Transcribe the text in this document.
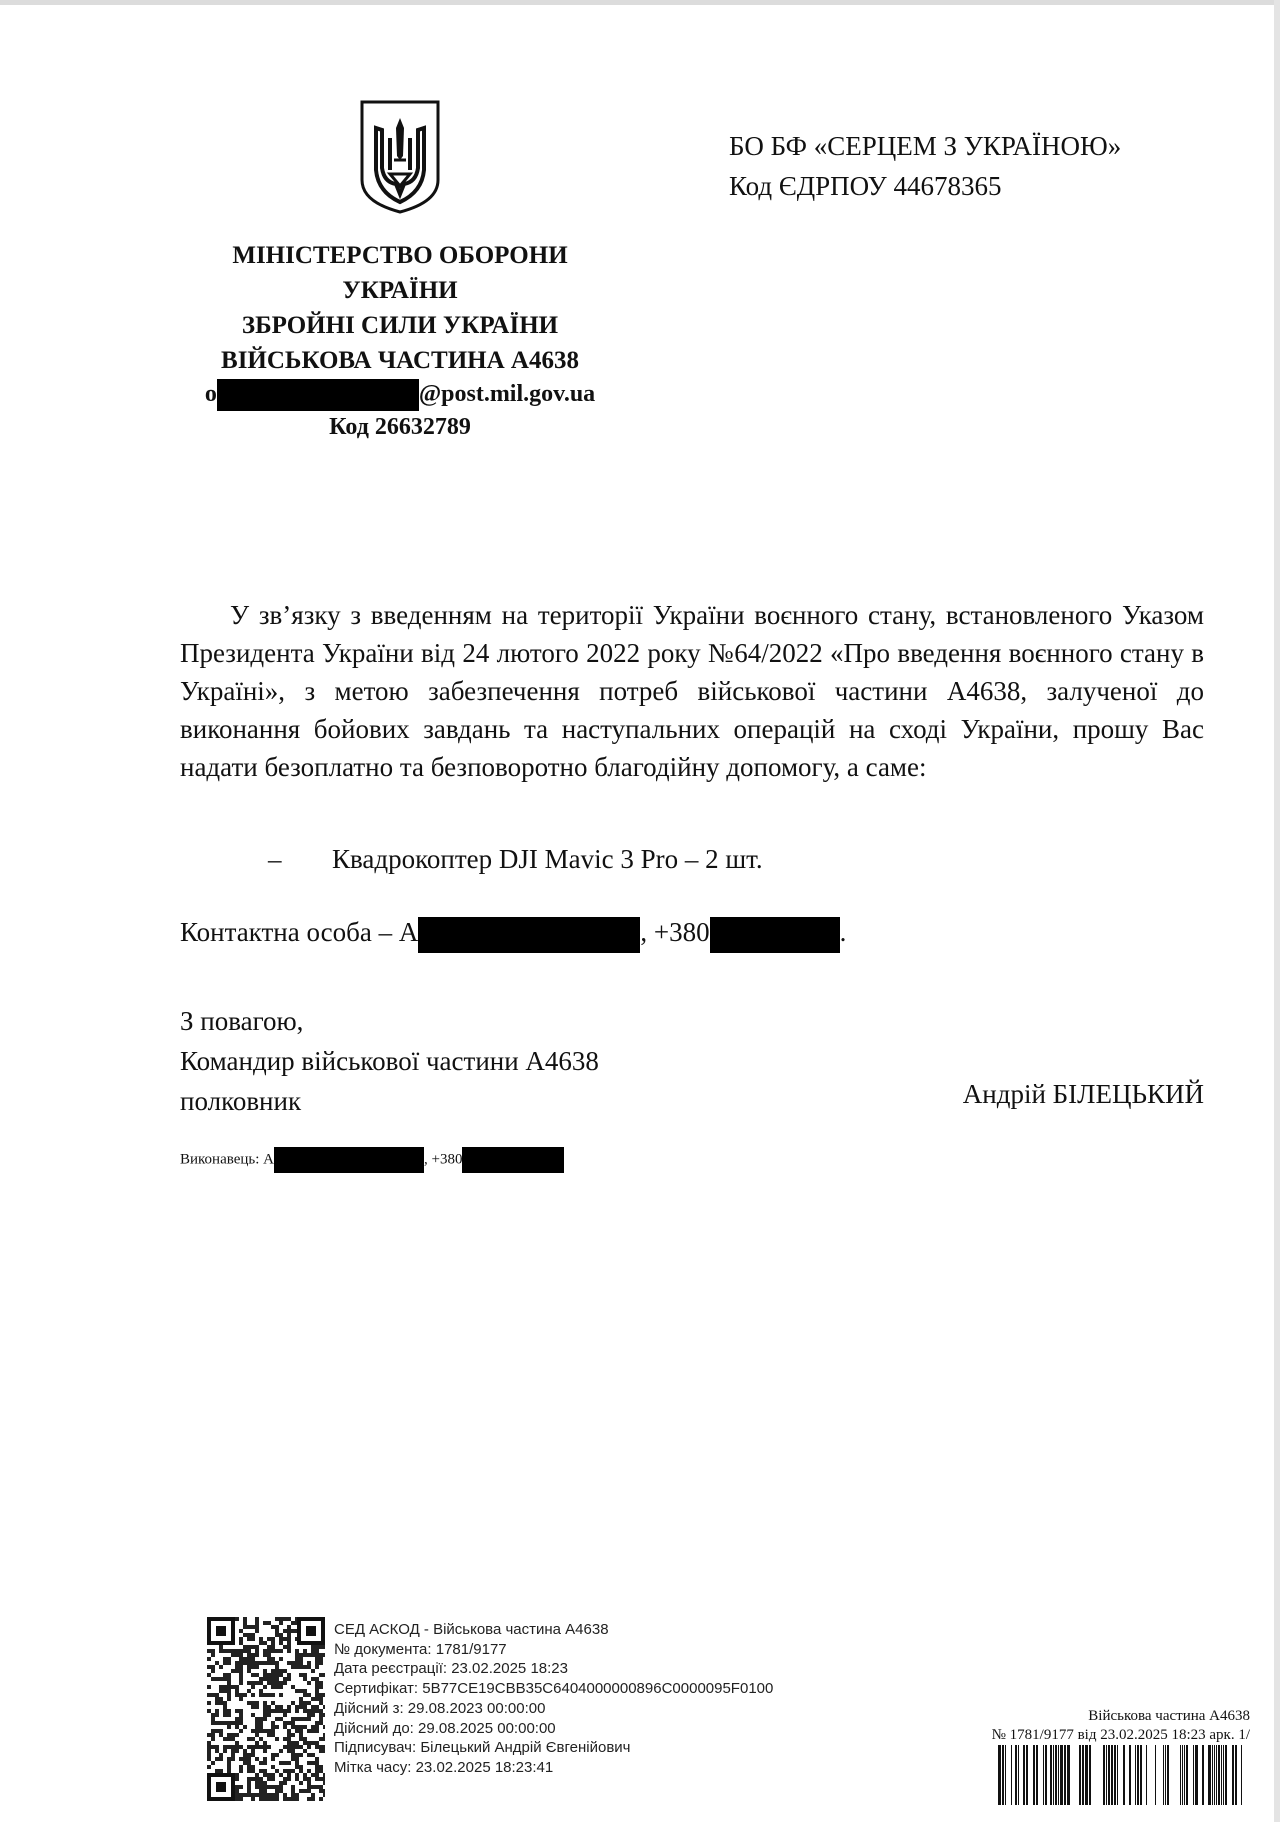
МІНІСТЕРСТВО ОБОРОНИ
УКРАЇНИ
ЗБРОЙНІ СИЛИ УКРАЇНИ
ВІЙСЬКОВА ЧАСТИНА А4638
о	@post.mil.gov.ua
Код 26632789
БО БФ «СЕРЦЕМ З УКРАЇНОЮ»
Код ЄДРПОУ 44678365

У зв’язку з введенням на території України воєнного стану, встановленого Указом Президента України від 24 лютого 2022 року №64/2022 «Про введення воєнного стану в Україні», з метою забезпечення потреб військової частини А4638, залученої до виконання бойових завдань та наступальних операцій на сході України, прошу Вас надати безоплатно та безповоротно благодійну допомогу, а саме:

– Квадрокоптер DJI Mavic 3 Pro – 2 шт.
Контактна особа – А	, +380	.
З повагою,
Командир військової частини А4638
полковник	Андрій БІЛЕЦЬКИЙ
Виконавець: А	, +380
СЕД АСКОД - Військова частина А4638
№ документа: 1781/9177
Дата реєстрації: 23.02.2025 18:23
Сертифікат: 5B77CE19CBB35C6404000000896C0000095F0100
Дійсний з: 29.08.2023 00:00:00
Дійсний до: 29.08.2025 00:00:00
Підписувач: Білецький Андрій Євгенійович
Мітка часу: 23.02.2025 18:23:41
Військова частина А4638
№ 1781/9177 від 23.02.2025 18:23 арк. 1/
